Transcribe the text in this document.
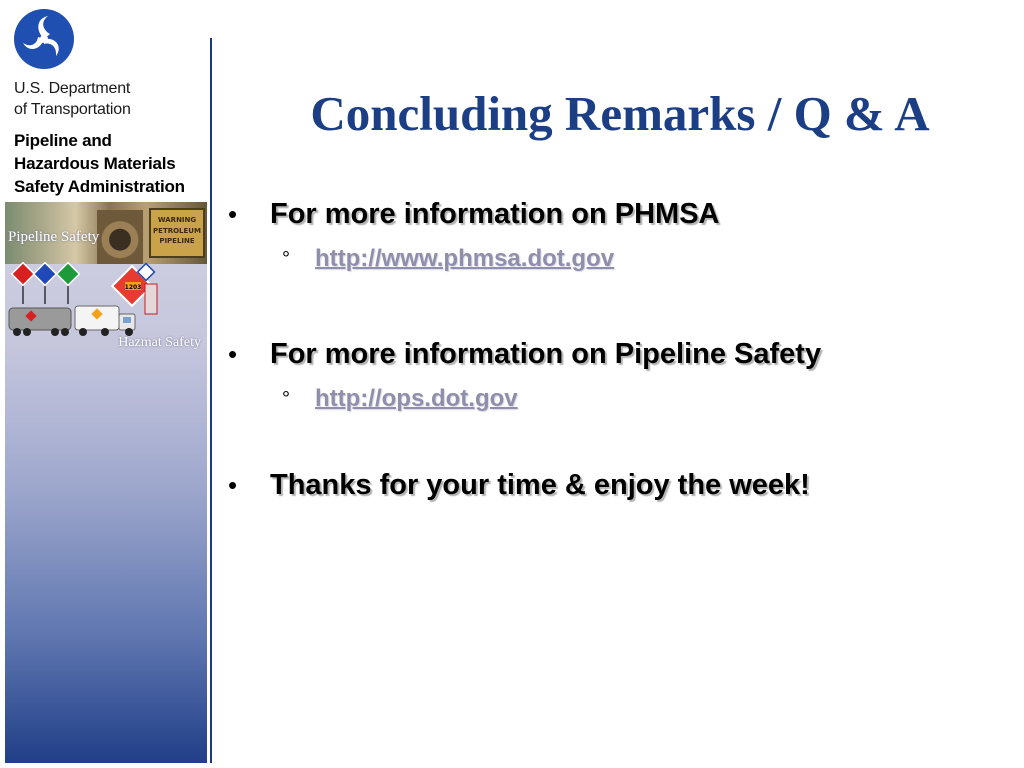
U.S. Department
of Transportation
Pipeline and
Hazardous Materials
Safety Administration
WARNING
PETROLEUM
PIPELINE
Pipeline Safety
1203
Hazmat Safety
Concluding Remarks / Q & A
• For more information on PHMSA
° http://www.phmsa.dot.gov
• For more information on Pipeline Safety
° http://ops.dot.gov
• Thanks for your time & enjoy the week!
